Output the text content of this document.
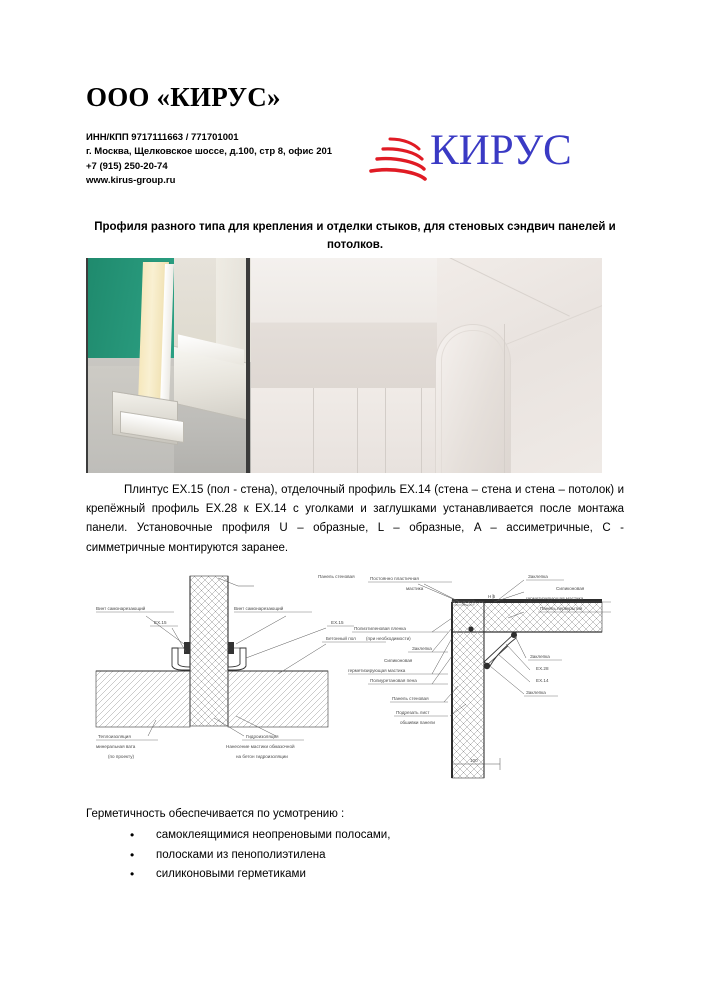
ООО «КИРУС»
ИНН/КПП 9717111663 / 771701001
г. Москва, Щелковское шоссе, д.100, стр 8, офис 201
+7 (915) 250-20-74
www.kirus-group.ru
КИРУС
Профиля разного типа для крепления и отделки стыков, для стеновых сэндвич панелей и потолков.
Плинтус EX.15 (пол - стена), отделочный профиль EX.14 (стена – стена и стена – потолок) и крепёжный профиль EX.28 к EX.14 с уголками и заглушками устанавливается после монтажа панели. Установочные профиля U – образные, L – образные, A – ассиметричные, C - симметричные монтируются заранее.
Панель стенoвая
Винт самонарезающий
EX.15
Винт самонарезающий
EX.15
Бетонный пол
Теплоизоляция
минеральная вата
(по проекту)
Гидроизоляция
Нанесение мастики обмазочной
на бетон гидроизоляции
Постоянно пластичная
мастика
H 6
Заклепка
Силиконовая
герметизирующая мастика
Панель перекрытия
Полиэтиленовая пленка
(при необходимости)
Заклепка
Силиконовая
герметизирующая мастика
Полиуретановая пена
Панель стеновая
Подрезать лист
обшивки панели
Заклепка
EX.28
EX.14
Заклепка
100
Герметичность обеспечивается по усмотрению :
• самоклеящимися неопреновыми полосами,
• полосками из пенополиэтилена
• силиконовыми герметиками
